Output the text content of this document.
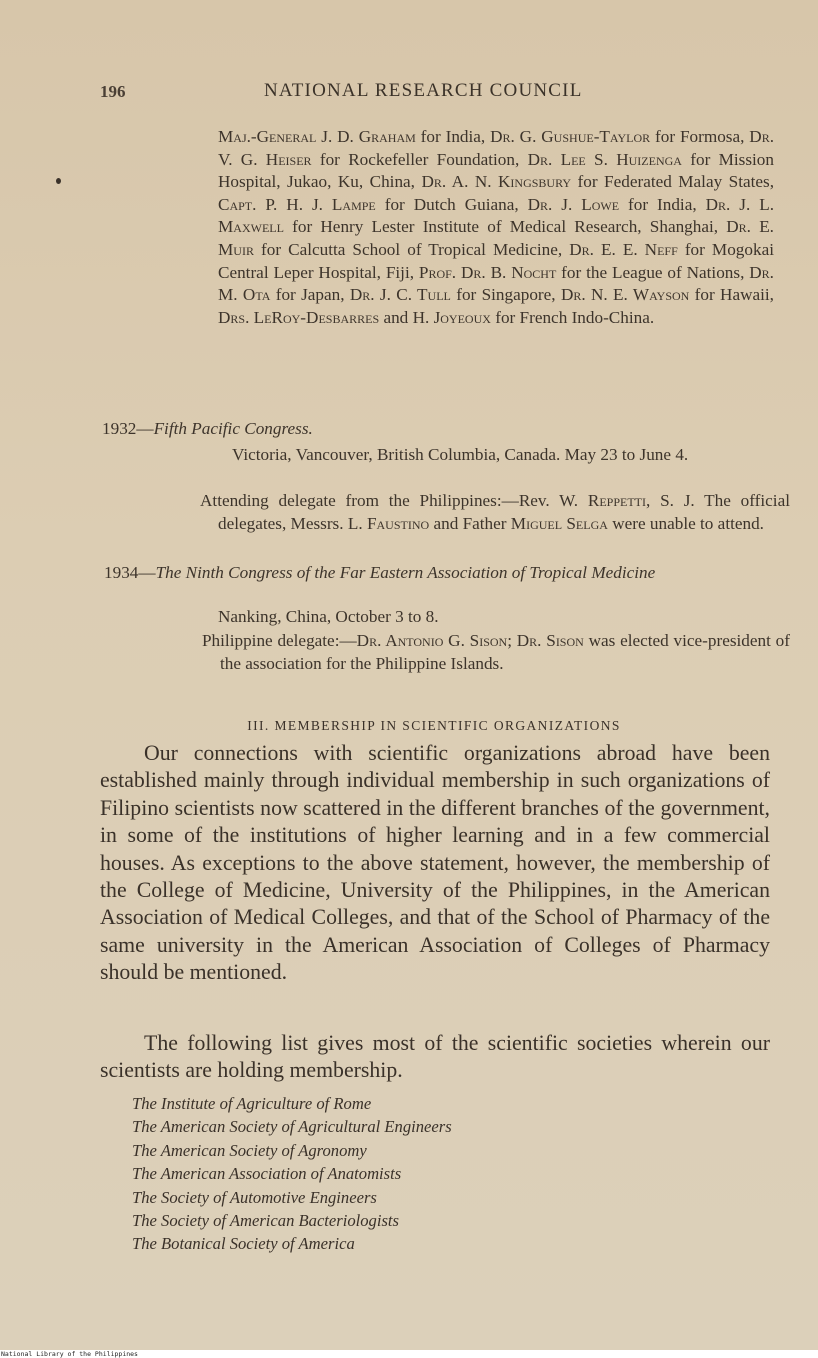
196	NATIONAL RESEARCH COUNCIL
Maj.-General J. D. Graham for India, Dr. G. Gushue-Taylor for Formosa, Dr. V. G. Heiser for Rockefeller Foundation, Dr. Lee S. Huizenga for Mission Hospital, Jukao, Ku, China, Dr. A. N. Kingsbury for Federated Malay States, Capt. P. H. J. Lampe for Dutch Guiana, Dr. J. Lowe for India, Dr. J. L. Maxwell for Henry Lester Institute of Medical Research, Shanghai, Dr. E. Muir for Calcutta School of Tropical Medicine, Dr. E. E. Neff for Mogokai Central Leper Hospital, Fiji, Prof. Dr. B. Nocht for the League of Nations, Dr. M. Ota for Japan, Dr. J. C. Tull for Singapore, Dr. N. E. Wayson for Hawaii, Drs. LeRoy-Desbarres and H. Joyeoux for French Indo-China.
1932—Fifth Pacific Congress.
Victoria, Vancouver, British Columbia, Canada. May 23 to June 4.
Attending delegate from the Philippines:—Rev. W. Reppetti, S. J. The official delegates, Messrs. L. Faustino and Father Miguel Selga were unable to attend.
1934—The Ninth Congress of the Far Eastern Association of Tropical Medicine
Nanking, China, October 3 to 8.
Philippine delegate:—Dr. Antonio G. Sison; Dr. Sison was elected vice-president of the association for the Philippine Islands.
III. MEMBERSHIP IN SCIENTIFIC ORGANIZATIONS

Our connections with scientific organizations abroad have been established mainly through individual membership in such organizations of Filipino scientists now scattered in the different branches of the government, in some of the institutions of higher learning and in a few commercial houses. As exceptions to the above statement, however, the membership of the College of Medicine, University of the Philippines, in the American Association of Medical Colleges, and that of the School of Pharmacy of the same university in the American Association of Colleges of Pharmacy should be mentioned.

The following list gives most of the scientific societies wherein our scientists are holding membership.

The Institute of Agriculture of Rome
The American Society of Agricultural Engineers
The American Society of Agronomy
The American Association of Anatomists
The Society of Automotive Engineers
The Society of American Bacteriologists
The Botanical Society of America
National Library of the Philippines
